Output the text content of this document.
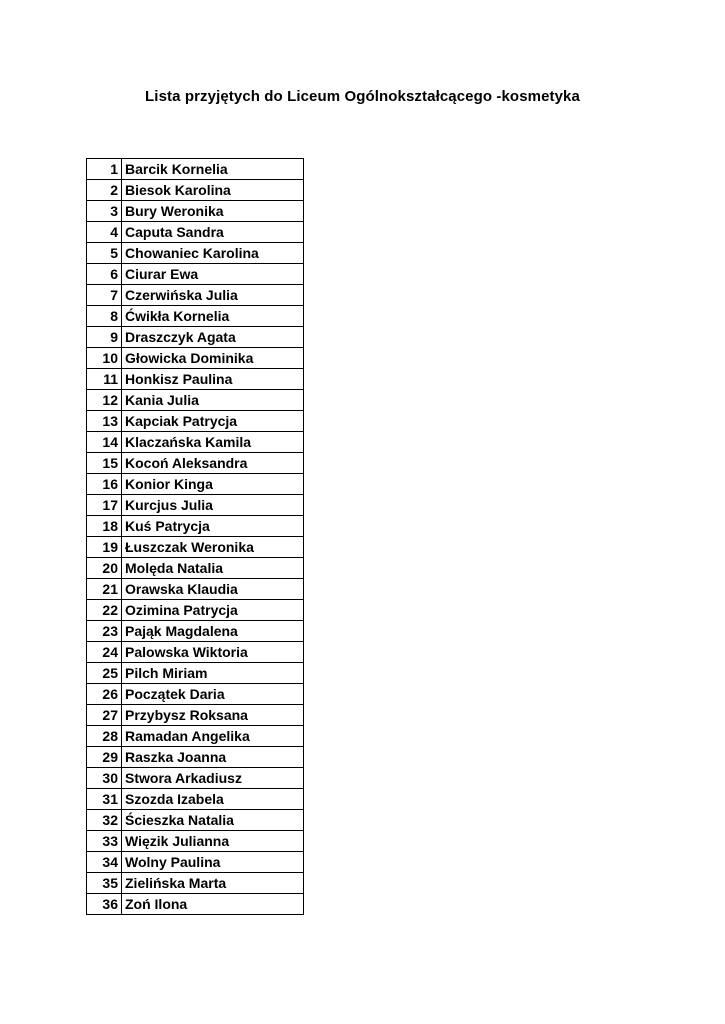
Lista przyjętych do Liceum Ogólnokształcącego -kosmetyka
1	Barcik Kornelia
2	Biesok Karolina
3	Bury Weronika
4	Caputa Sandra
5	Chowaniec Karolina
6	Ciurar Ewa
7	Czerwińska Julia
8	Ćwikła Kornelia
9	Draszczyk Agata
10	Głowicka Dominika
11	Honkisz Paulina
12	Kania Julia
13	Kapciak Patrycja
14	Klaczańska Kamila
15	Kocoń Aleksandra
16	Konior Kinga
17	Kurcjus Julia
18	Kuś Patrycja
19	Łuszczak Weronika
20	Molęda Natalia
21	Orawska Klaudia
22	Ozimina Patrycja
23	Pająk Magdalena
24	Palowska Wiktoria
25	Pilch Miriam
26	Początek Daria
27	Przybysz Roksana
28	Ramadan Angelika
29	Raszka Joanna
30	Stwora Arkadiusz
31	Szozda Izabela
32	Ścieszka Natalia
33	Więzik Julianna
34	Wolny Paulina
35	Zielińska Marta
36	Zoń Ilona
